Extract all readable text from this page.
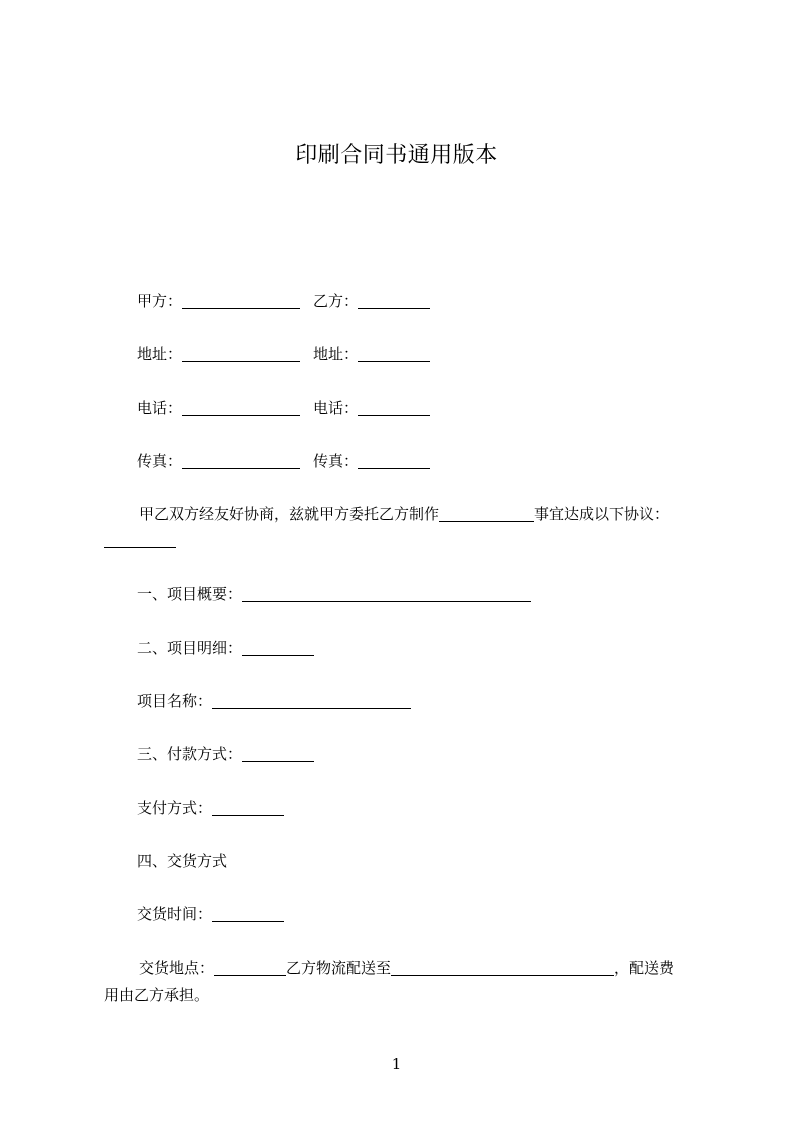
印刷合同书通用版本
甲方：	乙方：
地址：	地址：
电话：	电话：
传真：	传真：
甲乙双方经友好协商，兹就甲方委托乙方制作	事宜达成以下协议：
一、项目概要：
二、项目明细：
项目名称：
三、付款方式：
支付方式：
四、交货方式
交货时间：
交货地点：	乙方物流配送至	，配送费
用由乙方承担。
1
